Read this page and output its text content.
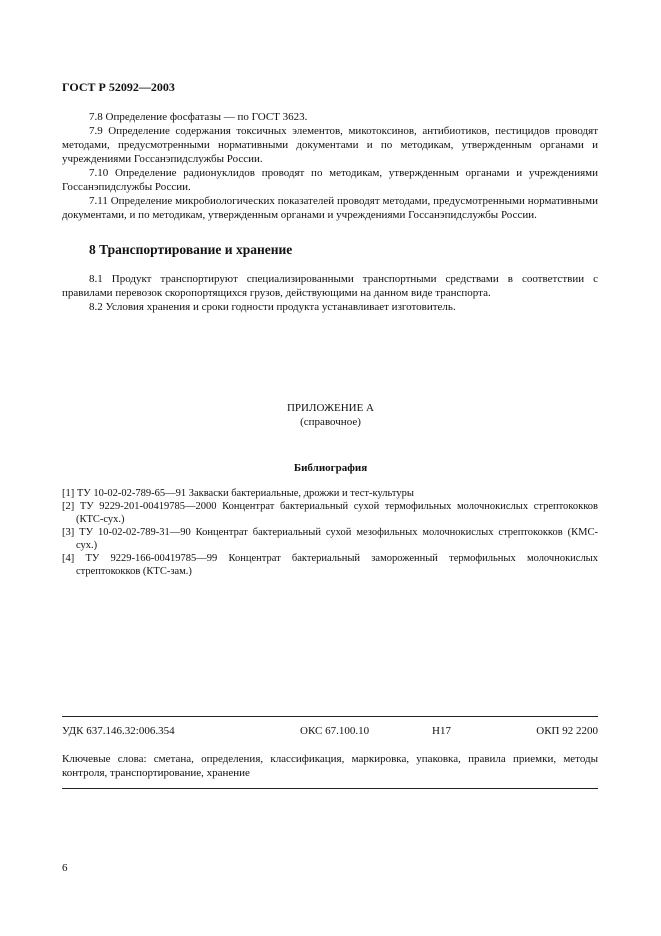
ГОСТ Р 52092—2003

7.8 Определение фосфатазы — по ГОСТ 3623.

7.9 Определение содержания токсичных элементов, микотоксинов, антибиотиков, пестицидов проводят методами, предусмотренными нормативными документами и по методикам, утвержденным органами и учреждениями Госсанэпидслужбы России.

7.10 Определение радионуклидов проводят по методикам, утвержденным органами и учреждениями Госсанэпидслужбы России.

7.11 Определение микробиологических показателей проводят методами, предусмотренными нормативными документами, и по методикам, утвержденным органами и учреждениями Госсанэпидслужбы России.

8 Транспортирование и хранение

8.1 Продукт транспортируют специализированными транспортными средствами в соответствии с правилами перевозок скоропортящихся грузов, действующими на данном виде транспорта.

8.2 Условия хранения и сроки годности продукта устанавливает изготовитель.

ПРИЛОЖЕНИЕ А
(справочное)
Библиография
[1] ТУ 10-02-02-789-65—91 Закваски бактериальные, дрожжи и тест-культуры
[2] ТУ 9229-201-00419785—2000 Концентрат бактериальный сухой термофильных молочнокислых стрептококков (КТС-сух.)
[3] ТУ 10-02-02-789-31—90 Концентрат бактериальный сухой мезофильных молочнокислых стрептококков (КМС-сух.)
[4] ТУ 9229-166-00419785—99 Концентрат бактериальный замороженный термофильных молочнокислых стрептококков (КТС-зам.)
УДК 637.146.32:006.354	ОКС 67.100.10	Н17	ОКП 92 2200

Ключевые слова: сметана, определения, классификация, маркировка, упаковка, правила приемки, методы контроля, транспортирование, хранение

6
